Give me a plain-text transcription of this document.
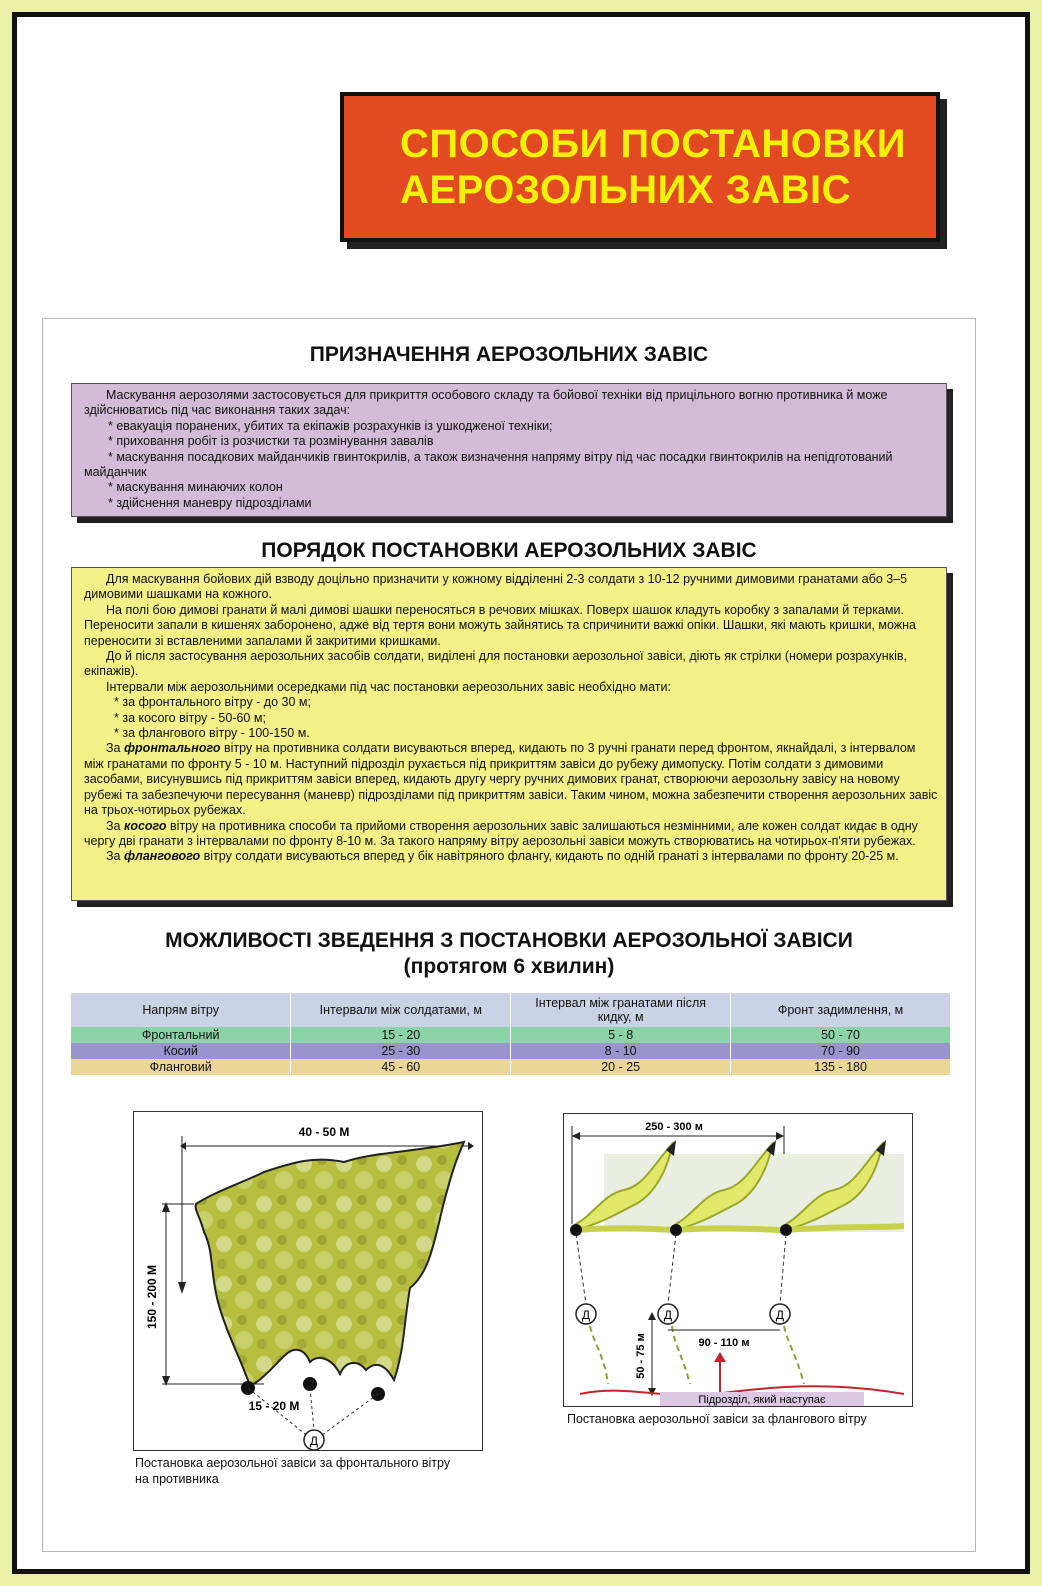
СПОСОБИ ПОСТАНОВКИ
АЕРОЗОЛЬНИХ ЗАВІС
ПРИЗНАЧЕННЯ АЕРОЗОЛЬНИХ ЗАВІС

Маскування аерозолями застосовується для прикриття особового складу та бойової техніки від прицільного вогню противника й може здійснюватись під час виконання таких задач:

* евакуація поранених, убитих та екіпажів розрахунків із ушкодженої техніки;
* приховання робіт із розчистки та розмінування завалів
* маскування посадкових майданчиків гвинтокрилів, а також визначення напряму вітру під час посадки гвинтокрилів на непідготований майданчик
* маскування минаючих колон
* здійснення маневру підрозділами
ПОРЯДОК ПОСТАНОВКИ АЕРОЗОЛЬНИХ ЗАВІС

Для маскування бойових дій взводу доцільно призначити у кожному відділенні 2-3 солдати з 10-12 ручними димовими гранатами або 3–5 димовими шашками на кожного.

На полі бою димові гранати й малі димові шашки переносяться в речових мішках. Поверх шашок кладуть коробку з запалами й терками. Переносити запали в кишенях заборонено, адже від тертя вони можуть зайнятись та спричинити важкі опіки. Шашки, які мають кришки, можна переносити зі вставленими запалами й закритими кришками.

До й після застосування аерозольних засобів солдати, виділені для постановки аерозольної завіси, діють як стрілки (номери розрахунків, екіпажів).

Інтервали між аерозольними осередками під час постановки аереозольних завіс необхідно мати:

* за фронтального вітру - до 30 м;
* за косого вітру - 50-60 м;
* за флангового вітру - 100-150 м.

За фронтального вітру на противника солдати висуваються вперед, кидають по 3 ручні гранати перед фронтом, якнайдалі, з інтервалом між гранатами по фронту 5 - 10 м. Наступний підрозділ рухається під прикриттям завіси до рубежу димопуску. Потім солдати з димовими засобами, висунувшись під прикриттям завіси вперед, кидають другу чергу ручних димових гранат, створюючи аерозольну завісу на новому рубежі та забезпечуючи пересування (маневр) підрозділами під прикриттям завіси. Таким чином, можна забезпечити створення аерозольних завіс на трьох-чотирьох рубежах.

За косого вітру на противника способи та прийоми створення аерозольних завіс залишаються незмінними, але кожен солдат кидає в одну чергу дві гранати з інтервалами по фронту 8-10 м. За такого напряму вітру аерозольні завіси можуть створюватись на чотирьох-п'яти рубежах.

За флангового вітру солдати висуваються вперед у бік навітряного флангу, кидають по одній гранаті з інтервалами по фронту 20-25 м.

МОЖЛИВОСТІ ЗВЕДЕННЯ З ПОСТАНОВКИ АЕРОЗОЛЬНОЇ ЗАВІСИ
(протягом 6 хвилин)
Напрям вітру	Інтервали між солдатами, м	Інтервал між гранатами після кидку, м	Фронт задимлення, м
Фронтальний	15 - 20	5 - 8	50 - 70
Косий	25 - 30	8 - 10	70 - 90
Фланговий	45 - 60	20 - 25	135 - 180
40 - 50 М
150 - 200 М
15 - 20 М
Д
Постановка аерозольної завіси за фронтального вітру
на противника
250 - 300 м
Д	Д	Д
90 - 110 м
50 - 75 м
Підрозділ, який наступає
Постановка аерозольної завіси за флангового вітру
